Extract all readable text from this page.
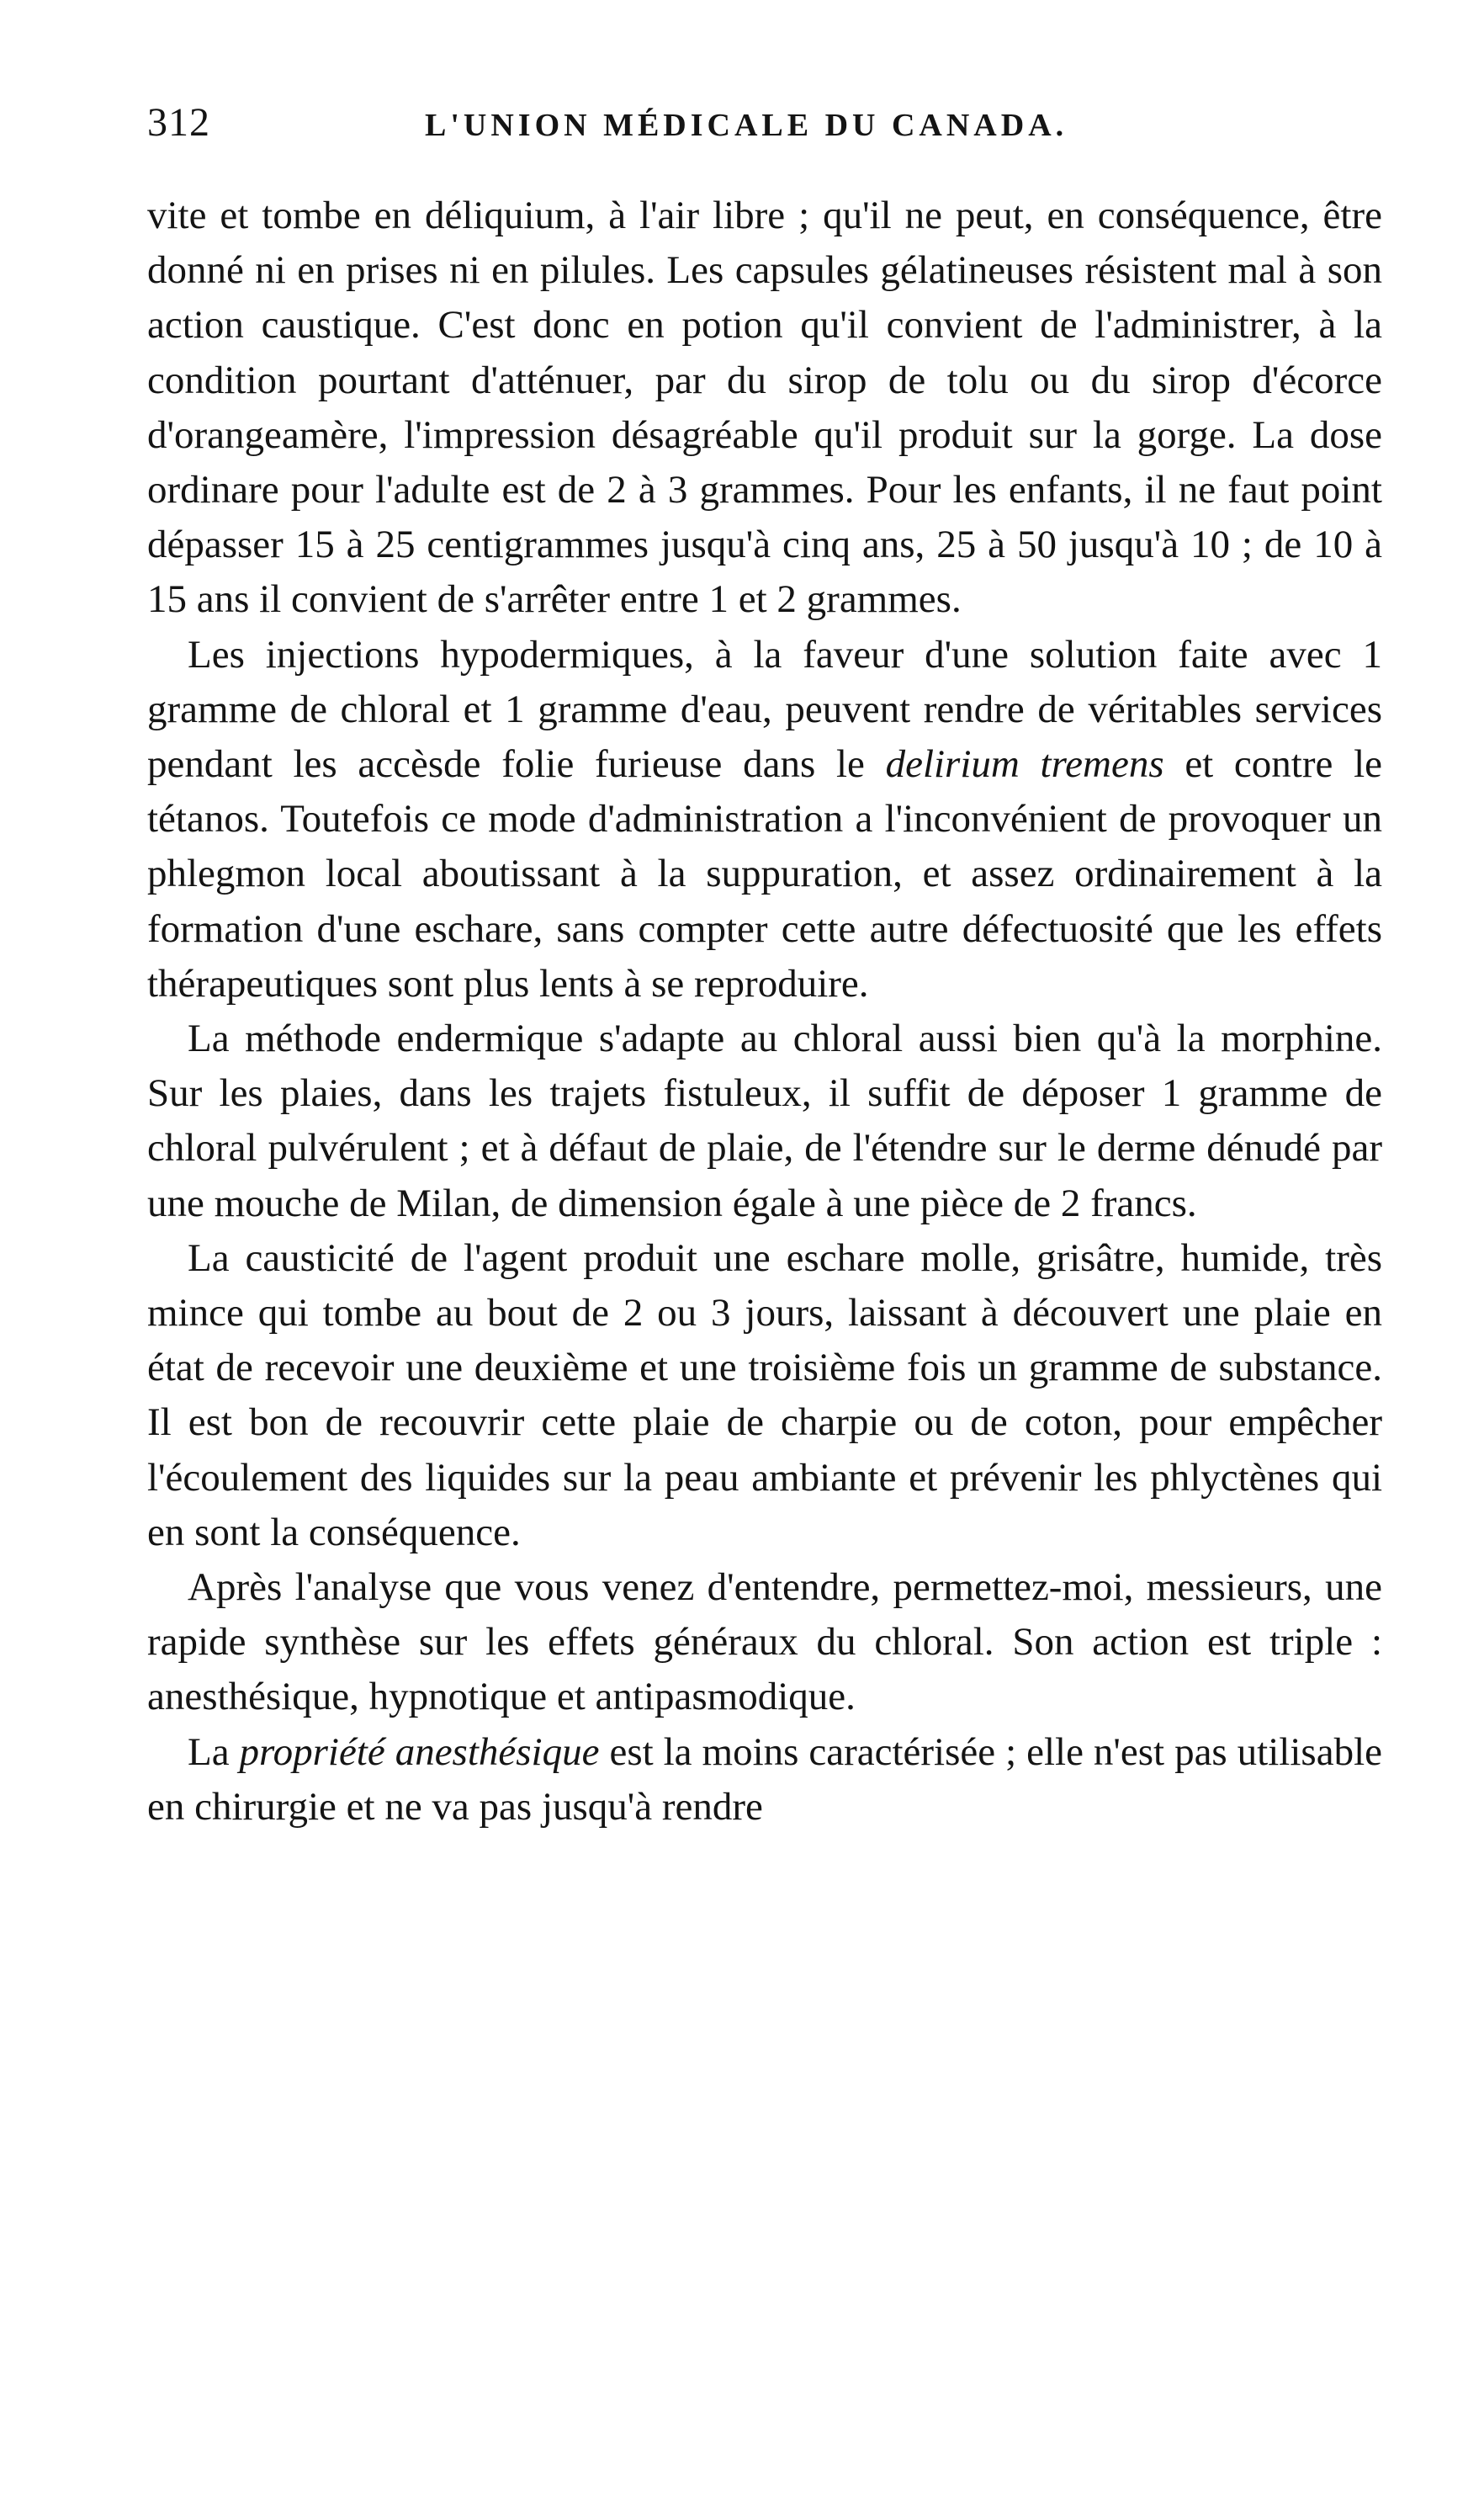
312	L'UNION MÉDICALE DU CANADA.

vite et tombe en déliquium, à l'air libre ; qu'il ne peut, en conséquence, être donné ni en prises ni en pilules. Les capsules gélatineuses résistent mal à son action caustique. C'est donc en potion qu'il convient de l'administrer, à la condition pourtant d'atténuer, par du sirop de tolu ou du sirop d'écorce d'orangeamère, l'impression désagréable qu'il produit sur la gorge. La dose ordinare pour l'adulte est de 2 à 3 grammes. Pour les enfants, il ne faut point dépasser 15 à 25 centigrammes jusqu'à cinq ans, 25 à 50 jusqu'à 10 ; de 10 à 15 ans il convient de s'arrêter entre 1 et 2 grammes.

Les injections hypodermiques, à la faveur d'une solution faite avec 1 gramme de chloral et 1 gramme d'eau, peuvent rendre de véritables services pendant les accèsde folie furieuse dans le delirium tremens et contre le tétanos. Toutefois ce mode d'administration a l'inconvénient de provoquer un phlegmon local aboutissant à la suppuration, et assez ordinairement à la formation d'une eschare, sans compter cette autre défectuosité que les effets thérapeutiques sont plus lents à se reproduire.

La méthode endermique s'adapte au chloral aussi bien qu'à la morphine. Sur les plaies, dans les trajets fistuleux, il suffit de déposer 1 gramme de chloral pulvérulent ; et à défaut de plaie, de l'étendre sur le derme dénudé par une mouche de Milan, de dimension égale à une pièce de 2 francs.

La causticité de l'agent produit une eschare molle, grisâtre, humide, très mince qui tombe au bout de 2 ou 3 jours, laissant à découvert une plaie en état de recevoir une deuxième et une troisième fois un gramme de substance. Il est bon de recouvrir cette plaie de charpie ou de coton, pour empêcher l'écoulement des liquides sur la peau ambiante et prévenir les phlyctènes qui en sont la conséquence.

Après l'analyse que vous venez d'entendre, permettez-moi, messieurs, une rapide synthèse sur les effets généraux du chloral. Son action est triple : anesthésique, hypnotique et antipasmodique.

La propriété anesthésique est la moins caractérisée ; elle n'est pas utilisable en chirurgie et ne va pas jusqu'à rendre
